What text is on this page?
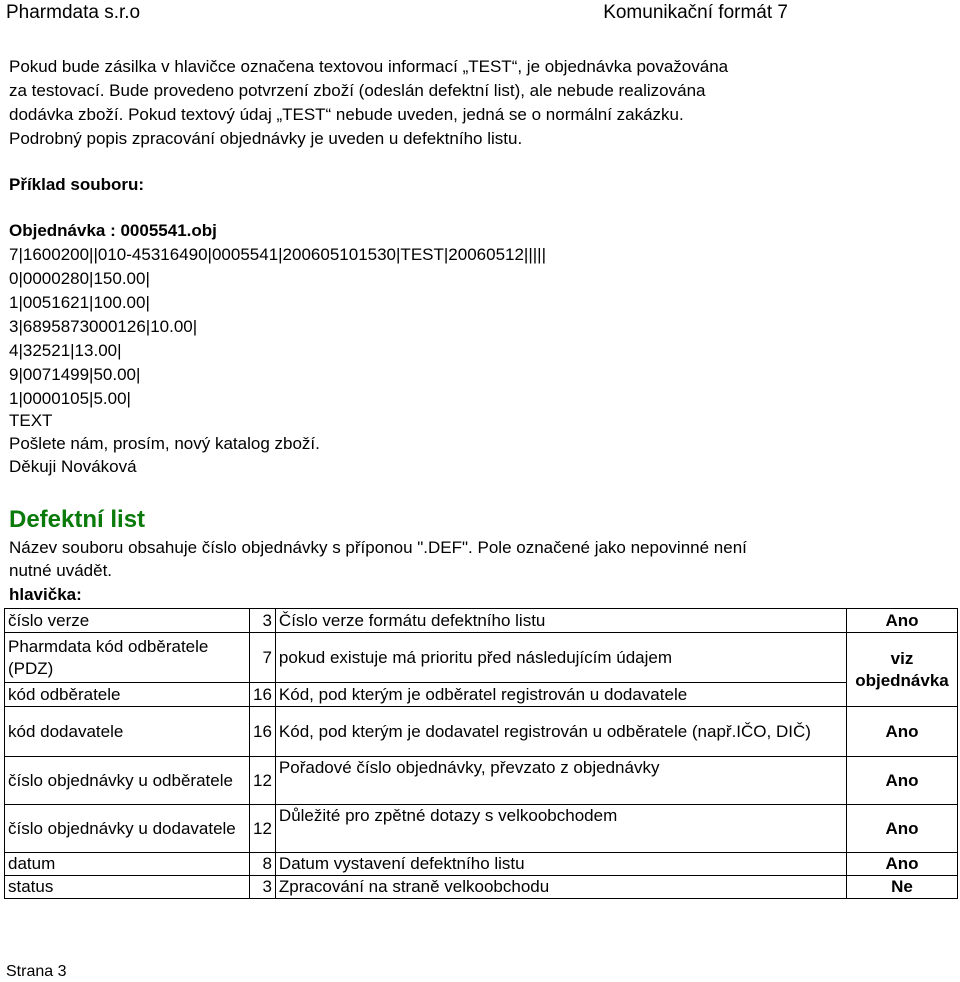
Pharmdata s.r.o	Komunikační formát 7
Pokud bude zásilka v hlavičce označena textovou informací „TEST“, je objednávka považována
za testovací. Bude provedeno potvrzení zboží (odeslán defektní list), ale nebude realizována
dodávka zboží. Pokud textový údaj „TEST“ nebude uveden, jedná se o normální zakázku.
Podrobný popis zpracování objednávky je uveden u defektního listu.
Příklad souboru:
Objednávka : 0005541.obj
7|1600200||010-45316490|0005541|200605101530|TEST|20060512|||||
0|0000280|150.00|
1|0051621|100.00|
3|6895873000126|10.00|
4|32521|13.00|
9|0071499|50.00|
1|0000105|5.00|
TEXT
Pošlete nám, prosím, nový katalog zboží.
Děkuji Nováková
Defektní list
Název souboru obsahuje číslo objednávky s příponou ".DEF". Pole označené jako nepovinné není
nutné uvádět.
hlavička:
číslo verze	3	Číslo verze formátu defektního listu	Ano
Pharmdata kód odběratele (PDZ)	7	pokud existuje má prioritu před následujícím údajem	viz objednávka
kód odběratele	16	Kód, pod kterým je odběratel registrován u dodavatele	
kód dodavatele	16	Kód, pod kterým je dodavatel registrován u odběratele (např.IČO, DIČ)	Ano
číslo objednávky u odběratele	12	Pořadové číslo objednávky, převzato z objednávky	Ano
číslo objednávky u dodavatele	12	Důležité pro zpětné dotazy s velkoobchodem	Ano
datum	8	Datum vystavení defektního listu	Ano
status	3	Zpracování na straně velkoobchodu	Ne
Strana 3
